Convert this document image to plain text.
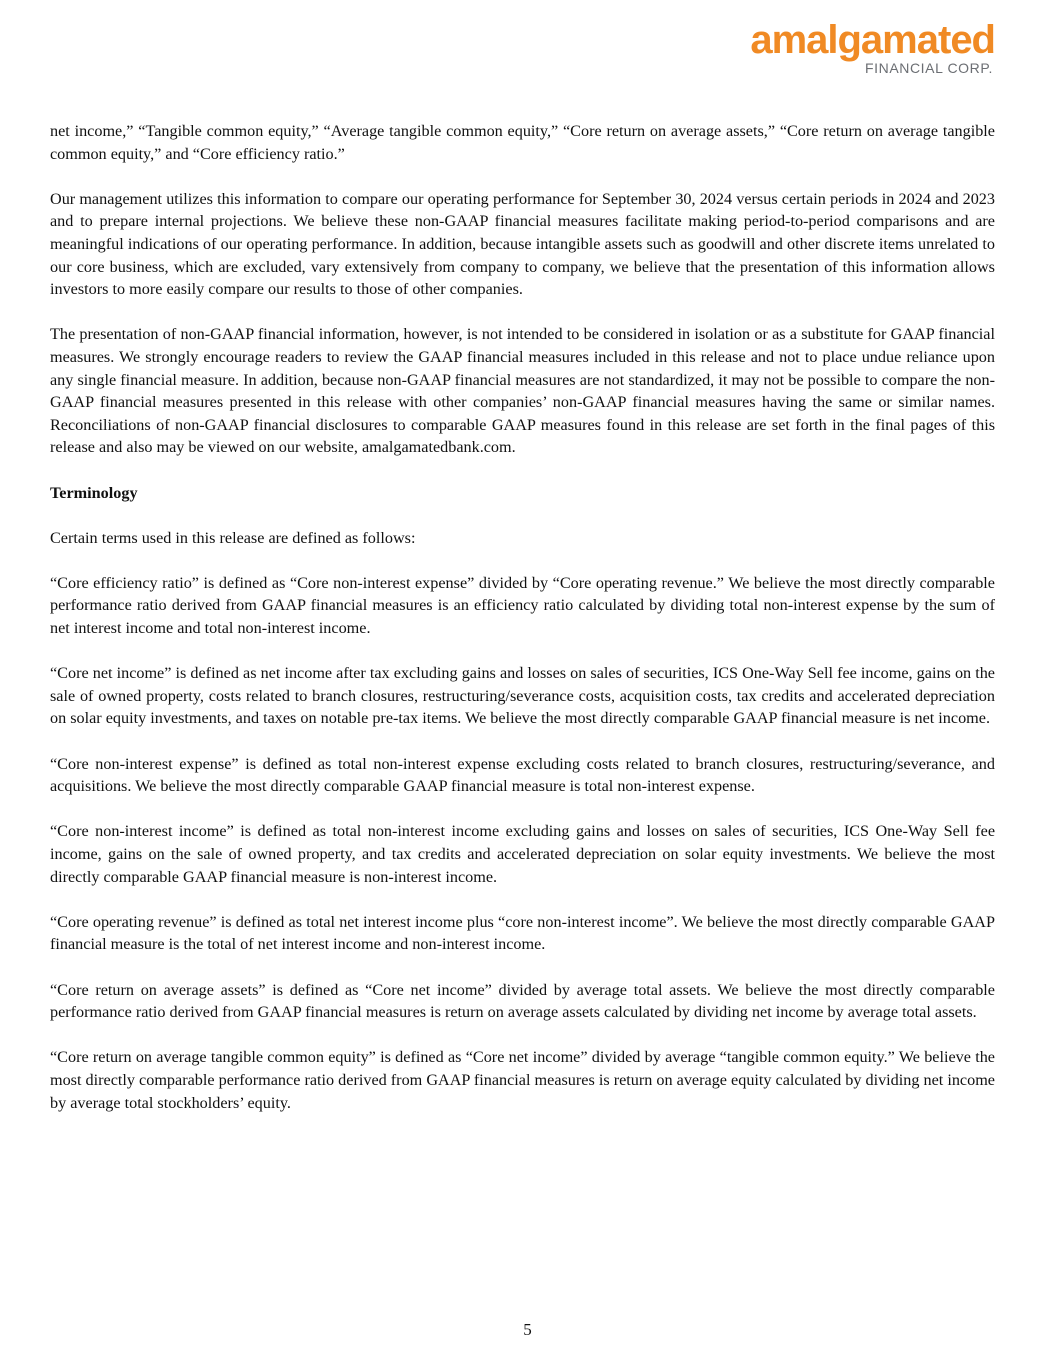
amalgamated
FINANCIAL CORP.

net income,” “Tangible common equity,” “Average tangible common equity,” “Core return on average assets,” “Core return on average tangible common equity,” and “Core efficiency ratio.”

Our management utilizes this information to compare our operating performance for September 30, 2024 versus certain periods in 2024 and 2023 and to prepare internal projections. We believe these non-GAAP financial measures facilitate making period-to-period comparisons and are meaningful indications of our operating performance. In addition, because intangible assets such as goodwill and other discrete items unrelated to our core business, which are excluded, vary extensively from company to company, we believe that the presentation of this information allows investors to more easily compare our results to those of other companies.

The presentation of non-GAAP financial information, however, is not intended to be considered in isolation or as a substitute for GAAP financial measures. We strongly encourage readers to review the GAAP financial measures included in this release and not to place undue reliance upon any single financial measure. In addition, because non-GAAP financial measures are not standardized, it may not be possible to compare the non-GAAP financial measures presented in this release with other companies’ non-GAAP financial measures having the same or similar names. Reconciliations of non-GAAP financial disclosures to comparable GAAP measures found in this release are set forth in the final pages of this release and also may be viewed on our website, amalgamatedbank.com.

Terminology

Certain terms used in this release are defined as follows:

“Core efficiency ratio” is defined as “Core non-interest expense” divided by “Core operating revenue.” We believe the most directly comparable performance ratio derived from GAAP financial measures is an efficiency ratio calculated by dividing total non-interest expense by the sum of net interest income and total non-interest income.

“Core net income” is defined as net income after tax excluding gains and losses on sales of securities, ICS One-Way Sell fee income, gains on the sale of owned property, costs related to branch closures, restructuring/severance costs, acquisition costs, tax credits and accelerated depreciation on solar equity investments, and taxes on notable pre-tax items. We believe the most directly comparable GAAP financial measure is net income.

“Core non-interest expense” is defined as total non-interest expense excluding costs related to branch closures, restructuring/severance, and acquisitions. We believe the most directly comparable GAAP financial measure is total non-interest expense.

“Core non-interest income” is defined as total non-interest income excluding gains and losses on sales of securities, ICS One-Way Sell fee income, gains on the sale of owned property, and tax credits and accelerated depreciation on solar equity investments. We believe the most directly comparable GAAP financial measure is non-interest income.

“Core operating revenue” is defined as total net interest income plus “core non-interest income”. We believe the most directly comparable GAAP financial measure is the total of net interest income and non-interest income.

“Core return on average assets” is defined as “Core net income” divided by average total assets. We believe the most directly comparable performance ratio derived from GAAP financial measures is return on average assets calculated by dividing net income by average total assets.

“Core return on average tangible common equity” is defined as “Core net income” divided by average “tangible common equity.” We believe the most directly comparable performance ratio derived from GAAP financial measures is return on average equity calculated by dividing net income by average total stockholders’ equity.

5
